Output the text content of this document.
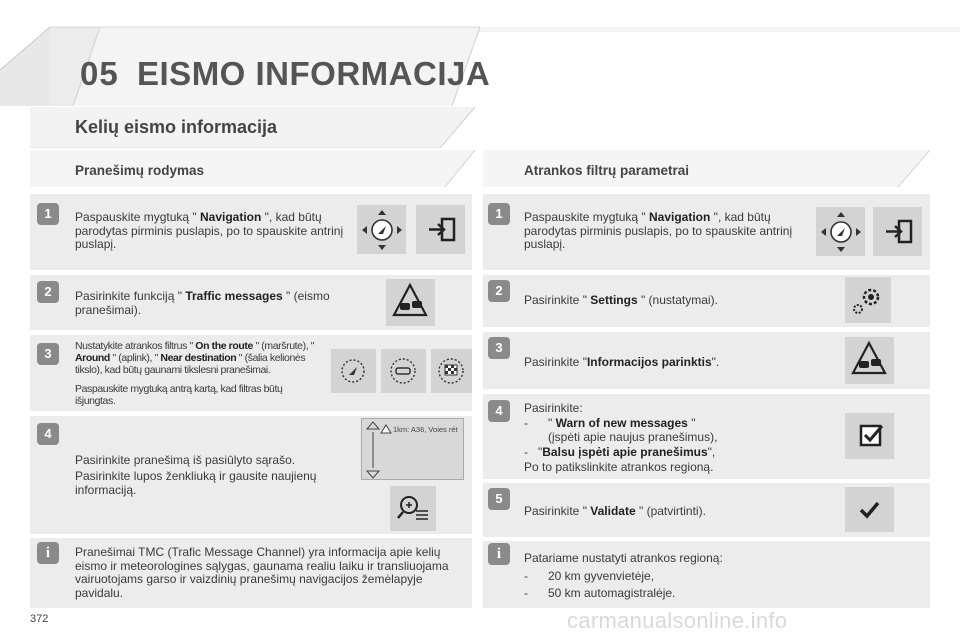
05 EISMO INFORMACIJA
Kelių eismo informacija
Pranešimų rodymas
1	Paspauskite mygtuką " Navigation ", kad būtų parodytas pirminis puslapis, po to spauskite antrinį puslapį.
2	Pasirinkite funkciją " Traffic messages " (eismo pranešimai).
3	Nustatykite atrankos filtrus " On the route " (maršrute), " Around " (aplink), " Near destination " (šalia kelionės tikslo), kad būtų gaunami tikslesni pranešimai.
Paspauskite mygtuką antrą kartą, kad filtras būtų išjungtas.
4
Pasirinkite pranešimą iš pasiūlyto sąrašo.
Pasirinkite lupos ženkliuką ir gausite naujienų informaciją.
1km: A36, Voies rét
i	Pranešimai TMC (Trafic Message Channel) yra informacija apie kelių eismo ir meteorologines sąlygas, gaunama realiu laiku ir transliuojama vairuotojams garso ir vaizdinių pranešimų navigacijos žemėlapyje pavidalu.
Atrankos filtrų parametrai
1	Paspauskite mygtuką " Navigation ", kad būtų parodytas pirminis puslapis, po to spauskite antrinį puslapį.
2
Pasirinkite " Settings " (nustatymai).
3
Pasirinkite "Informacijos parinktis".
4	Pasirinkite:
- " Warn of new messages "
(įspėti apie naujus pranešimus),
- "Balsu įspėti apie pranešimus",
Po to patikslinkite atrankos regioną.
5
Pasirinkite " Validate " (patvirtinti).
i	Patariame nustatyti atrankos regioną:
- 20 km gyvenvietėje,
- 50 km automagistralėje.
372	carmanualsonline.info
